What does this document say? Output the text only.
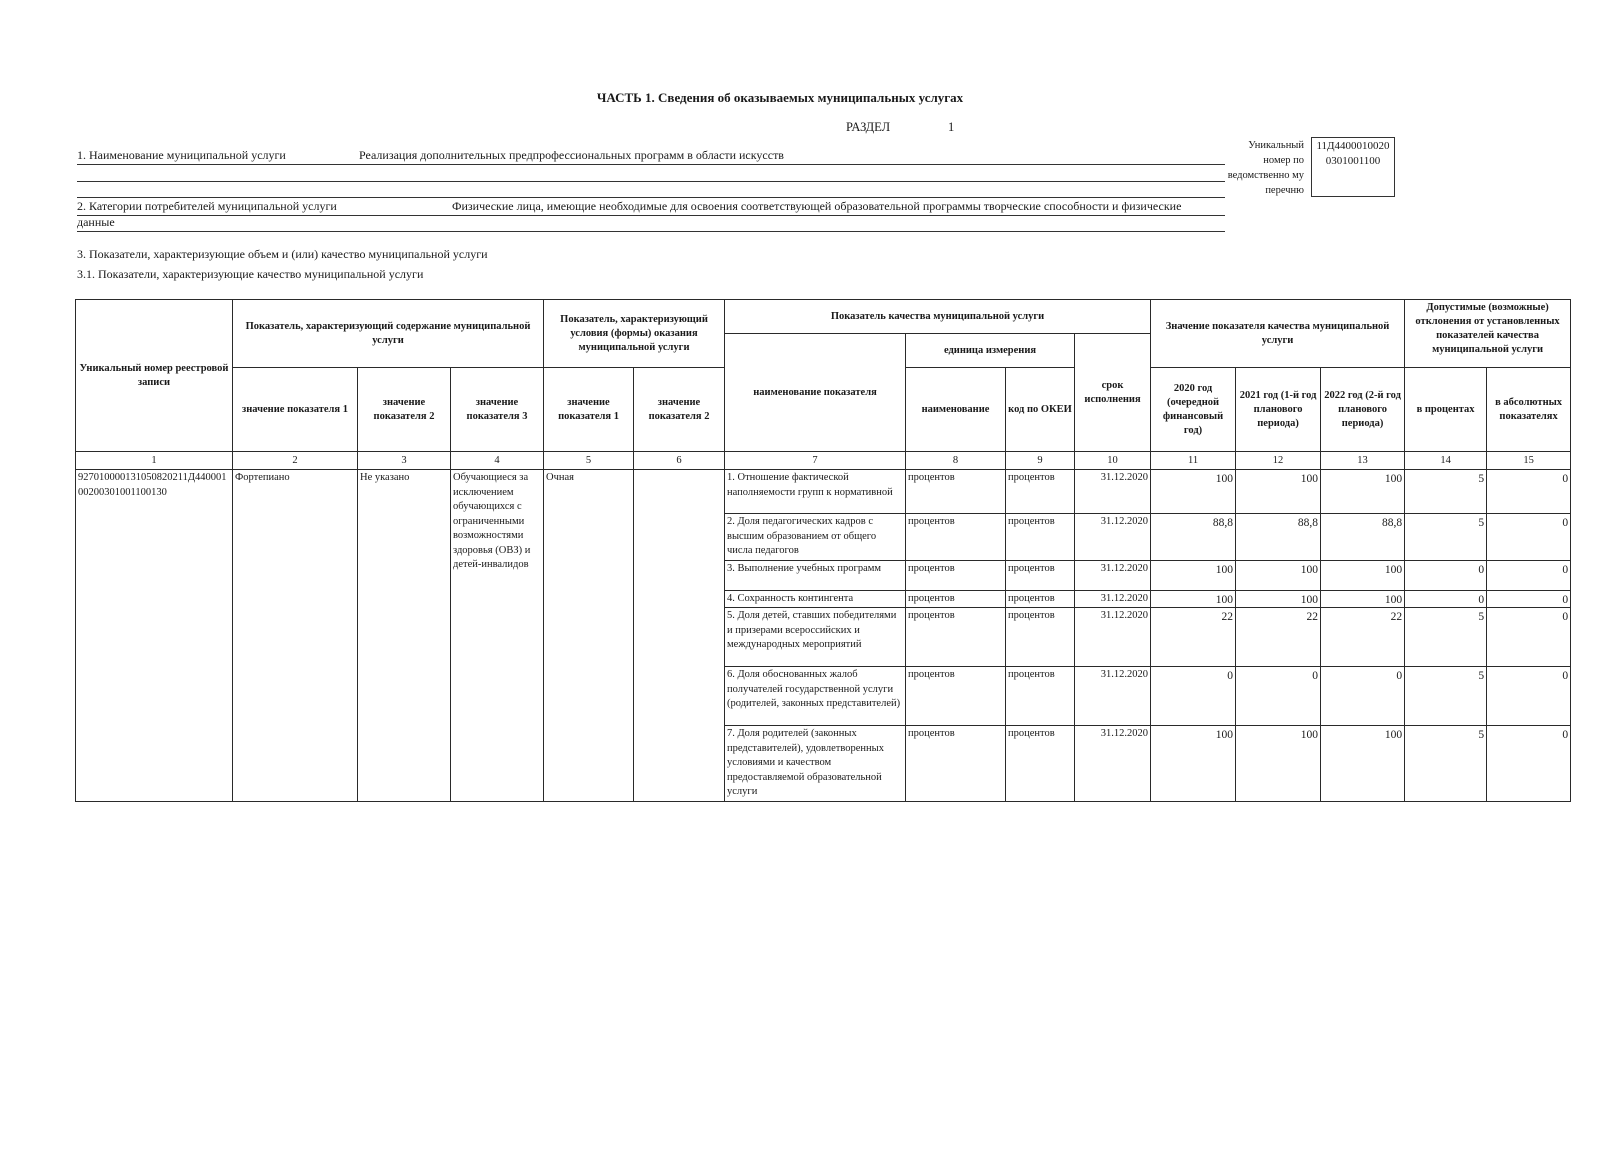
ЧАСТЬ 1. Сведения об оказываемых муниципальных услугах
РАЗДЕЛ	1
1. Наименование муниципальной услуги	Реализация дополнительных предпрофессиональных программ в области искусств
Уникальный номер по ведомственно му перечню
11Д44000100200301001100
2. Категории потребителей муниципальной услуги	Физические лица, имеющие необходимые для освоения соответствующей образовательной программы творческие способности и физические
данные
3. Показатели, характеризующие объем и (или) качество муниципальной услуги
3.1. Показатели, характеризующие качество муниципальной услуги
Уникальный номер реестровой записи	Показатель, характеризующий содержание муниципальной услуги			Показатель, характеризующий условия (формы) оказания муниципальной услуги		Показатель качества муниципальной услуги				Значение показателя качества муниципальной услуги			Допустимые (возможные) отклонения от установленных показателей качества муниципальной услуги	
						наименование показателя	единица измерения		срок исполнения					
	значение показателя 1	значение показателя 2	значение показателя 3	значение показателя 1	значение показателя 2		наименование	код по ОКЕИ		2020 год (очередной финансовый год)	2021 год (1-й год планового периода)	2022 год (2-й год планового периода)	в процентах	в абсолютных показателях
1	2	3	4	5	6	7	8	9	10	11	12	13	14	15
927010000131050820211Д44000100200301001100130	Фортепиано	Не указано	Обучающиеся за исключением обучающихся с ограниченными возможностями здоровья (ОВЗ) и детей-инвалидов	Очная		1. Отношение фактической наполняемости групп к нормативной	процентов	процентов	31.12.2020	100	100	100	5	0
						2. Доля педагогических кадров с высшим образованием от общего числа педагогов	процентов	процентов	31.12.2020	88,8	88,8	88,8	5	0
						3. Выполнение учебных программ	процентов	процентов	31.12.2020	100	100	100	0	0
						4. Сохранность контингента	процентов	процентов	31.12.2020	100	100	100	0	0
						5. Доля детей, ставших победителями и призерами всероссийских и международных мероприятий	процентов	процентов	31.12.2020	22	22	22	5	0
						6. Доля обоснованных жалоб получателей государственной услуги (родителей, законных представителей)	процентов	процентов	31.12.2020	0	0	0	5	0
						7. Доля родителей (законных представителей), удовлетворенных условиями и качеством предоставляемой образовательной услуги	процентов	процентов	31.12.2020	100	100	100	5	0
